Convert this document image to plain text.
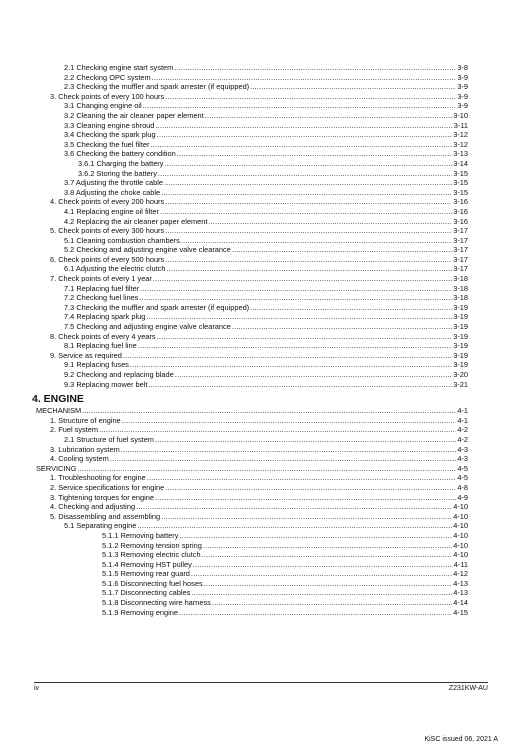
2.1 Checking engine start system .....	3-8
2.2 Checking OPC system .....	3-9
2.3 Checking the muffler and spark arrester (if equipped) .....	3-9
3. Check points of every 100 hours .....	3-9
3.1 Changing engine oil .....	3-9
3.2 Cleaning the air cleaner paper element .....	3-10
3.3 Cleaning engine shroud .....	3-11
3.4 Checking the spark plug .....	3-12
3.5 Checking the fuel filter .....	3-12
3.6 Checking the battery condition .....	3-13
3.6.1 Charging the battery .....	3-14
3.6.2 Storing the battery .....	3-15
3.7 Adjusting the throttle cable .....	3-15
3.8 Adjusting the choke cable .....	3-15
4. Check points of every 200 hours .....	3-16
4.1 Replacing engine oil filter .....	3-16
4.2 Replacing the air cleaner paper element .....	3-16
5. Check points of every 300 hours .....	3-17
5.1 Cleaning combustion chambers .....	3-17
5.2 Checking and adjusting engine valve clearance .....	3-17
6. Check points of every 500 hours .....	3-17
6.1 Adjusting the electric clutch .....	3-17
7. Check points of every 1 year .....	3-18
7.1 Replacing fuel filter .....	3-18
7.2 Checking fuel lines .....	3-18
7.3 Checking the muffler and spark arrester (if equipped) .....	3-19
7.4 Replacing spark plug .....	3-19
7.5 Checking and adjusting engine valve clearance .....	3-19
8. Check points of every 4 years .....	3-19
8.1 Replacing fuel line .....	3-19
9. Service as required .....	3-19
9.1 Replacing fuses .....	3-19
9.2 Checking and replacing blade .....	3-20
9.3 Replacing mower belt .....	3-21
4. ENGINE
MECHANISM .....	4-1
1. Structure of engine .....	4-1
2. Fuel system .....	4-2
2.1 Structure of fuel system .....	4-2
3. Lubrication system .....	4-3
4. Cooling system .....	4-3
SERVICING .....	4-5
1. Troubleshooting for engine .....	4-5
2. Service specifications for engine .....	4-8
3. Tightening torques for engine .....	4-9
4. Checking and adjusting .....	4-10
5. Disassembling and assembling .....	4-10
5.1 Separating engine .....	4-10
5.1.1 Removing battery .....	4-10
5.1.2 Removing tension spring .....	4-10
5.1.3 Removing electric clutch .....	4-10
5.1.4 Removing HST pulley .....	4-11
5.1.5 Removing rear guard .....	4-12
5.1.6 Disconnecting fuel hoses .....	4-13
5.1.7 Disconnecting cables .....	4-13
5.1.8 Disconnecting wire harness .....	4-14
5.1.9 Removing engine .....	4-15
iv	Z231KW-AU
KiSC issued 06, 2021 A
